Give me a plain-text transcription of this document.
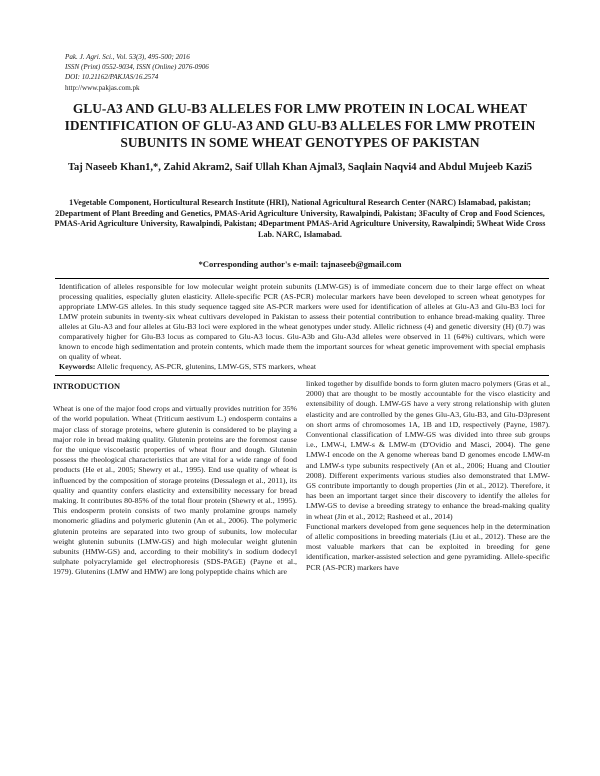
Pak. J. Agri. Sci., Vol. 53(3), 495-500; 2016
ISSN (Print) 0552-9034, ISSN (Online) 2076-0906
DOI: 10.21162/PAKJAS/16.2574
http://www.pakjas.com.pk
GLU-A3 AND GLU-B3 ALLELES FOR LMW PROTEIN IN LOCAL WHEAT IDENTIFICATION OF GLU-A3 AND GLU-B3 ALLELES FOR LMW PROTEIN SUBUNITS IN SOME WHEAT GENOTYPES OF PAKISTAN
Taj Naseeb Khan1,*, Zahid Akram2, Saif Ullah Khan Ajmal3, Saqlain Naqvi4 and Abdul Mujeeb Kazi5
1Vegetable Component, Horticultural Research Institute (HRI), National Agricultural Research Center (NARC) Islamabad, pakistan; 2Department of Plant Breeding and Genetics, PMAS-Arid Agriculture University, Rawalpindi, Pakistan; 3Faculty of Crop and Food Sciences, PMAS-Arid Agriculture University, Rawalpindi, Pakistan; 4Department PMAS-Arid Agriculture University, Rawalpindi; 5Wheat Wide Cross Lab. NARC, Islamabad.
*Corresponding author's e-mail: tajnaseeb@gmail.com
Identification of alleles responsible for low molecular weight protein subunits (LMW-GS) is of immediate concern due to their large effect on wheat processing qualities, especially gluten elasticity. Allele-specific PCR (AS-PCR) molecular markers have been developed to screen wheat genotypes for appropriate LMW-GS alleles. In this study sequence tagged site AS-PCR markers were used for identification of alleles at Glu-A3 and Glu-B3 loci for LMW protein subunits in twenty-six wheat cultivars developed in Pakistan to assess their potential contribution to enhance bread-making quality. Three alleles at Glu-A3 and four alleles at Glu-B3 loci were explored in the wheat genotypes under study. Allelic richness (4) and genetic diversity (H) (0.7) was comparatively higher for Glu-B3 locus as compared to Glu-A3 locus. Glu-A3b and Glu-A3d alleles were observed in 11 (64%) cultivars, which were known to encode high sedimentation and protein contents, which made them the important sources for wheat genetic improvement with special emphasis on quality of wheat.
Keywords: Allelic frequency, AS-PCR, glutenins, LMW-GS, STS markers, wheat
INTRODUCTION

Wheat is one of the major food crops and virtually provides nutrition for 35% of the world population. Wheat (Triticum aestivum L.) endosperm contains a major class of storage proteins, where glutenin is considered to be playing a major role in bread making quality. Glutenin proteins are the foremost cause for the unique viscoelastic properties of wheat flour and dough. Glutenin possess the rheological characteristics that are vital for a wide range of food products (He et al., 2005; Shewry et al., 1995). End use quality of wheat is influenced by the composition of storage proteins (Dessalegn et al., 2011), its quality and quantity confers elasticity and extensibility necessary for bread making. It contributes 80-85% of the total flour protein (Shewry et al., 1995). This endosperm protein consists of two manly prolamine groups namely monomeric gliadins and polymeric glutenin (An et al., 2006). The polymeric glutenin proteins are separated into two group of subunits, low molecular weight glutenin subunits (LMW-GS) and high molecular weight glutenin subunits (HMW-GS) and, according to their mobility's in sodium dodecyl sulphate polyacrylamide gel electrophoresis (SDS-PAGE) (Payne et al., 1979). Glutenins (LMW and HMW) are long polypeptide chains which are

linked together by disulfide bonds to form gluten macro polymers (Gras et al., 2000) that are thought to be mostly accountable for the visco elasticity and extensibility of dough. LMW-GS have a very strong relationship with gluten elasticity and are controlled by the genes Glu-A3, Glu-B3, and Glu-D3present on short arms of chromosomes 1A, 1B and 1D, respectively (Payne, 1987). Conventional classification of LMW-GS was divided into three sub groups i.e., LMW-i, LMW-s & LMW-m (D'Ovidio and Masci, 2004). The gene LMW-I encode on the A genome whereas band D genomes encode LMW-m and LMW-s type subunits respectively (An et al., 2006; Huang and Cloutier 2008). Different experiments various studies also demonstrated that LMW-GS contribute importantly to dough properties (Jin et al., 2012). Therefore, it has been an important target since their discovery to identify the alleles for LMW-GS to devise a breeding strategy to enhance the bread-making quality in wheat (Jin et al., 2012; Rasheed et al., 2014)

Functional markers developed from gene sequences help in the determination of allelic compositions in breeding materials (Liu et al., 2012). These are the most valuable markers that can be exploited in breeding for gene identification, marker-assisted selection and gene pyramiding. Allele-specific PCR (AS-PCR) markers have
